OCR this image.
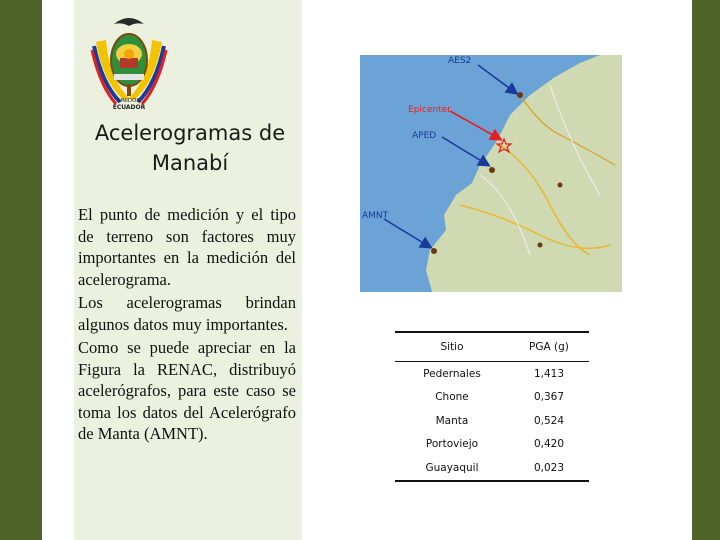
UNIDOS
ECUADOR
Acelerogramas de Manabí

El punto de medición y el tipo de terreno son factores muy importantes en la medición del acelerograma.

Los acelerogramas brindan algunos datos muy importantes.

Como se puede apreciar en la Figura la RENAC, distribuyó acelerógrafos, para este caso se toma los datos del Acelerógrafo de Manta (AMNT).

AES2
Epicenter
APED
AMNT
Sitio	PGA (g)
Pedernales	1,413
Chone	0,367
Manta	0,524
Portoviejo	0,420
Guayaquil	0,023
